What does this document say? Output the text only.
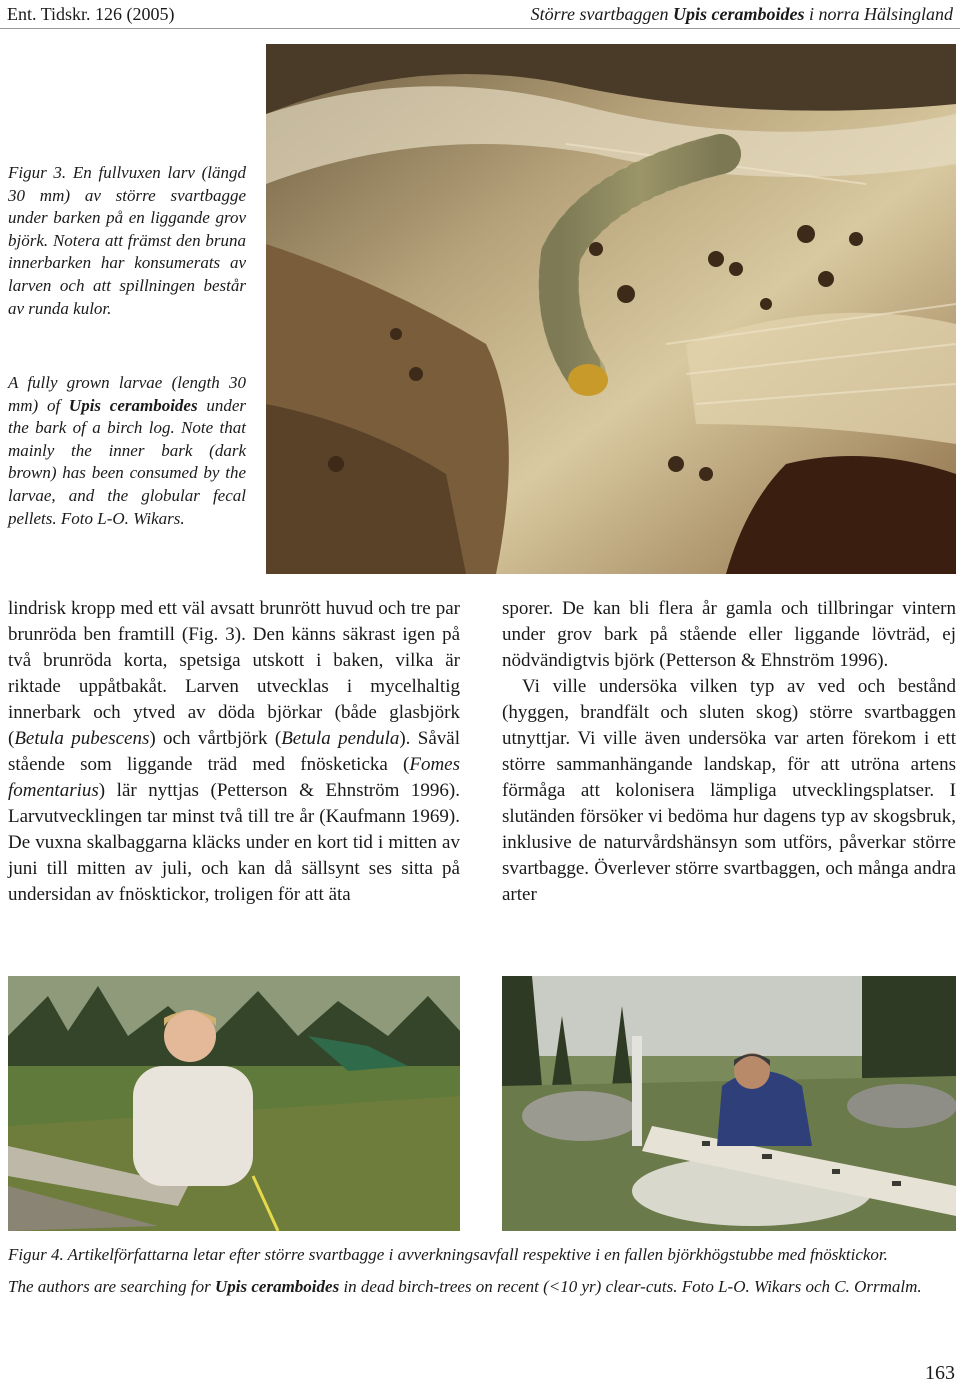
Ent. Tidskr. 126 (2005)	Större svartbaggen Upis ceramboides i norra Hälsingland

Figur 3. En fullvuxen larv (längd 30 mm) av större svartbagge under barken på en liggande grov björk. Notera att främst den bruna innerbarken har konsumerats av larven och att spillningen består av runda kulor.

A fully grown larvae (length 30 mm) of Upis ceramboides under the bark of a birch log. Note that mainly the inner bark (dark brown) has been consumed by the larvae, and the globular fecal pellets. Foto L-O. Wikars.

lindrisk kropp med ett väl avsatt brunrött huvud och tre par brunröda ben framtill (Fig. 3). Den känns säkrast igen på två brunröda korta, spetsiga utskott i baken, vilka är riktade uppåtbakåt. Larven utvecklas i mycelhaltig innerbark och ytved av döda björkar (både glasbjörk (Betula pubescens) och vårtbjörk (Betula pendula). Såväl stående som liggande träd med fnösketicka (Fomes fomentarius) lär nyttjas (Petterson & Ehnström 1996). Larvutvecklingen tar minst två till tre år (Kaufmann 1969). De vuxna skalbaggarna kläcks under en kort tid i mitten av juni till mitten av juli, och kan då sällsynt ses sitta på undersidan av fnösktickor, troligen för att äta

sporer. De kan bli flera år gamla och tillbringar vintern under grov bark på stående eller liggande lövträd, ej nödvändigtvis björk (Petterson & Ehnström 1996).

Vi ville undersöka vilken typ av ved och bestånd (hyggen, brandfält och sluten skog) större svartbaggen utnyttjar. Vi ville även undersöka var arten förekom i ett större sammanhängande landskap, för att utröna artens förmåga att kolonisera lämpliga utvecklingsplatser. I slutänden försöker vi bedöma hur dagens typ av skogsbruk, inklusive de naturvårdshänsyn som utförs, påverkar större svartbagge. Överlever större svartbaggen, och många andra arter

Figur 4. Artikelförfattarna letar efter större svartbagge i avverkningsavfall respektive i en fallen björkhögstubbe med fnösktickor.

The authors are searching for Upis ceramboides in dead birch-trees on recent (<10 yr) clear-cuts. Foto L-O. Wikars och C. Orrmalm.

163
